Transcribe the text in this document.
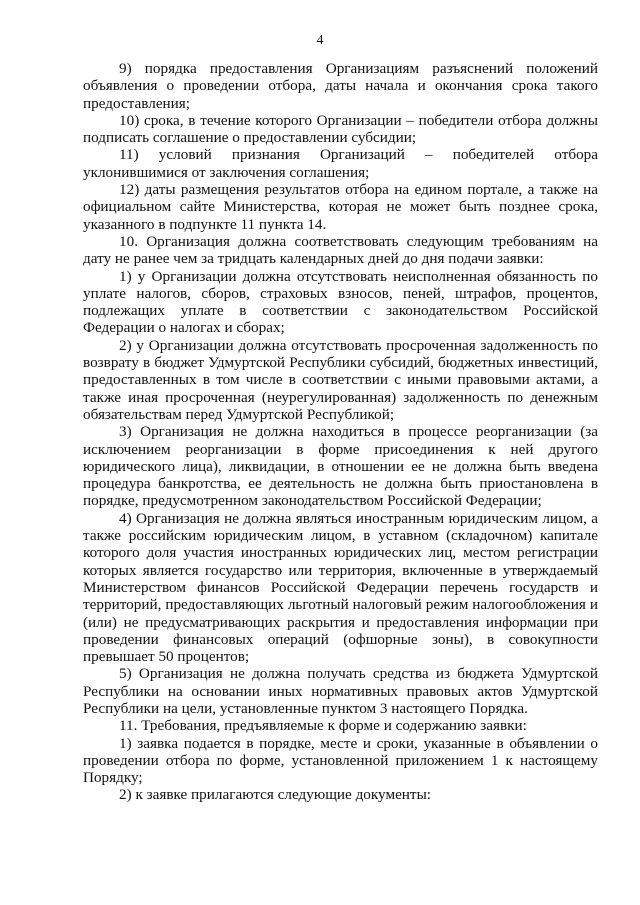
4

9) порядка предоставления Организациям разъяснений положений объявления о проведении отбора, даты начала и окончания срока такого предоставления;

10) срока, в течение которого Организации – победители отбора должны подписать соглашение о предоставлении субсидии;

11) условий признания Организаций – победителей отбора уклонившимися от заключения соглашения;

12) даты размещения результатов отбора на едином портале, а также на официальном сайте Министерства, которая не может быть позднее срока, указанного в подпункте 11 пункта 14.

10. Организация должна соответствовать следующим требованиям на дату не ранее чем за тридцать календарных дней до дня подачи заявки:

1) у Организации должна отсутствовать неисполненная обязанность по уплате налогов, сборов, страховых взносов, пеней, штрафов, процентов, подлежащих уплате в соответствии с законодательством Российской Федерации о налогах и сборах;

2) у Организации должна отсутствовать просроченная задолженность по возврату в бюджет Удмуртской Республики субсидий, бюджетных инвестиций, предоставленных в том числе в соответствии с иными правовыми актами, а также иная просроченная (неурегулированная) задолженность по денежным обязательствам перед Удмуртской Республикой;

3) Организация не должна находиться в процессе реорганизации (за исключением реорганизации в форме присоединения к ней другого юридического лица), ликвидации, в отношении ее не должна быть введена процедура банкротства, ее деятельность не должна быть приостановлена в порядке, предусмотренном законодательством Российской Федерации;

4) Организация не должна являться иностранным юридическим лицом, а также российским юридическим лицом, в уставном (складочном) капитале которого доля участия иностранных юридических лиц, местом регистрации которых является государство или территория, включенные в утверждаемый Министерством финансов Российской Федерации перечень государств и территорий, предоставляющих льготный налоговый режим налогообложения и (или) не предусматривающих раскрытия и предоставления информации при проведении финансовых операций (офшорные зоны), в совокупности превышает 50 процентов;

5) Организация не должна получать средства из бюджета Удмуртской Республики на основании иных нормативных правовых актов Удмуртской Республики на цели, установленные пунктом 3 настоящего Порядка.

11. Требования, предъявляемые к форме и содержанию заявки:

1) заявка подается в порядке, месте и сроки, указанные в объявлении о проведении отбора по форме, установленной приложением 1 к настоящему Порядку;

2) к заявке прилагаются следующие документы:
